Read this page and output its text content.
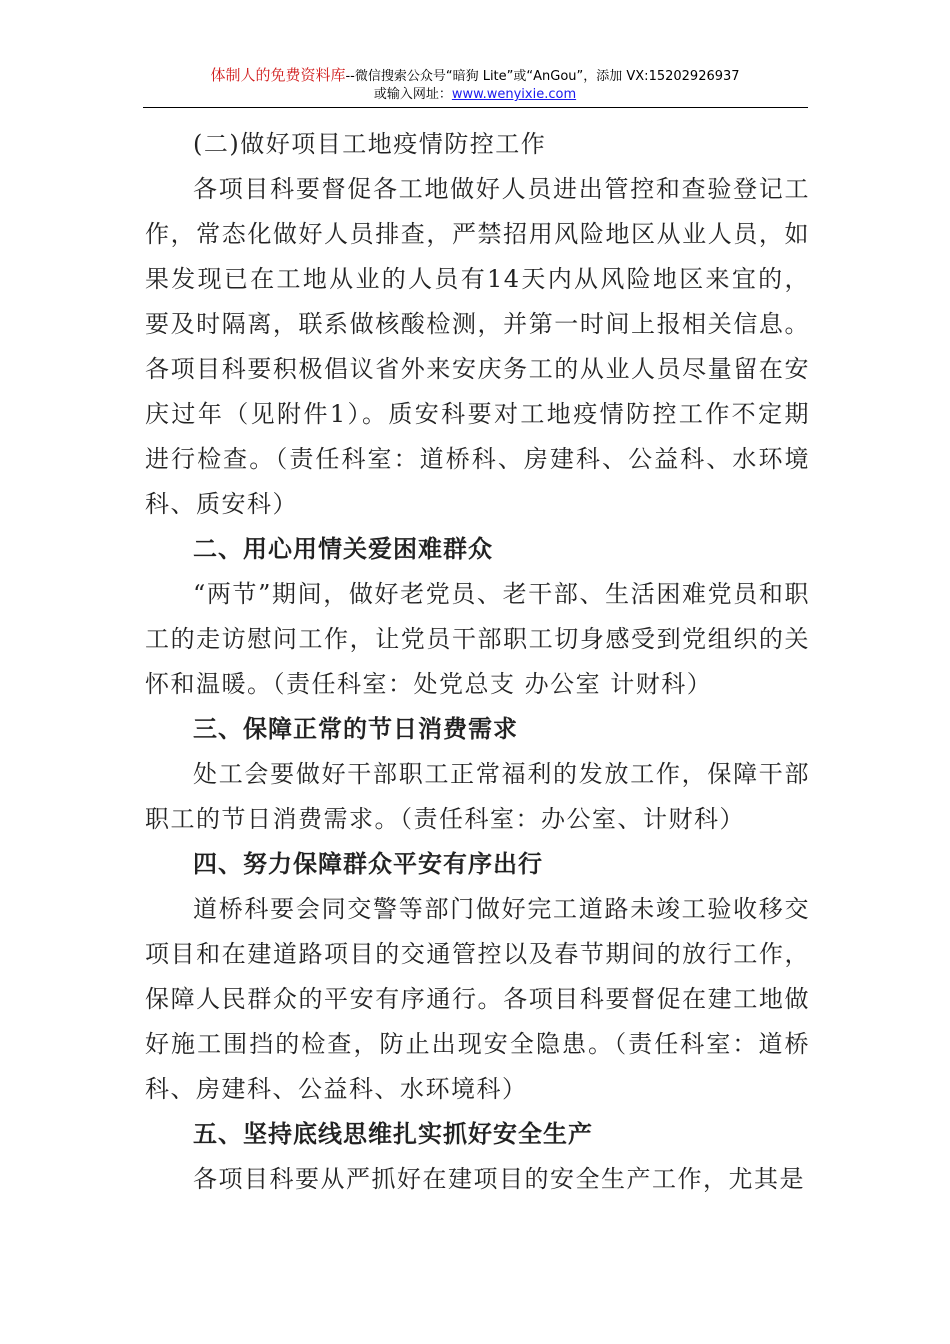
体制人的免费资料库--微信搜索公众号“暗狗 Lite”或“AnGou”，添加 VX:15202926937
或输入网址：www.wenyixie.com

(二)做好项目工地疫情防控工作

各项目科要督促各工地做好人员进出管控和查验登记工作，常态化做好人员排查，严禁招用风险地区从业人员，如果发现已在工地从业的人员有14天内从风险地区来宜的，要及时隔离，联系做核酸检测，并第一时间上报相关信息。各项目科要积极倡议省外来安庆务工的从业人员尽量留在安庆过年（见附件1）。质安科要对工地疫情防控工作不定期进行检查。（责任科室：道桥科、房建科、公益科、水环境科、质安科）

二、用心用情关爱困难群众

“两节”期间，做好老党员、老干部、生活困难党员和职工的走访慰问工作，让党员干部职工切身感受到党组织的关怀和温暖。（责任科室：处党总支 办公室 计财科）

三、保障正常的节日消费需求

处工会要做好干部职工正常福利的发放工作，保障干部职工的节日消费需求。（责任科室：办公室、计财科）

四、努力保障群众平安有序出行

道桥科要会同交警等部门做好完工道路未竣工验收移交项目和在建道路项目的交通管控以及春节期间的放行工作，保障人民群众的平安有序通行。各项目科要督促在建工地做好施工围挡的检查，防止出现安全隐患。（责任科室：道桥科、房建科、公益科、水环境科）

五、坚持底线思维扎实抓好安全生产

各项目科要从严抓好在建项目的安全生产工作，尤其是
